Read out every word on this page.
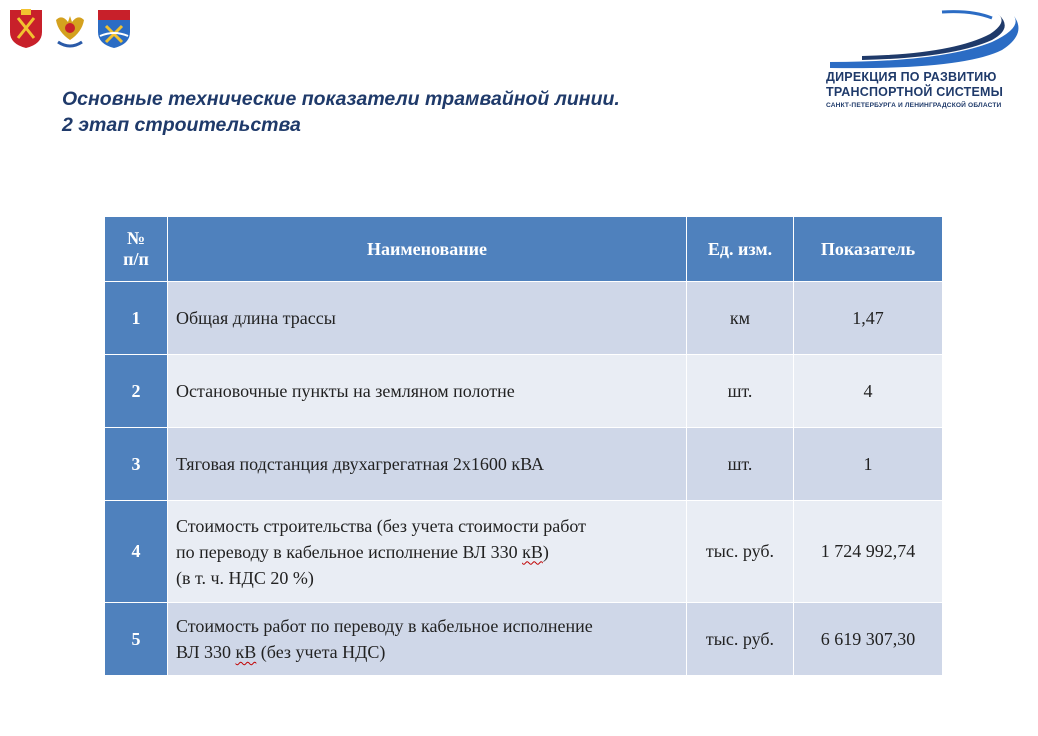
ДИРЕКЦИЯ ПО РАЗВИТИЮ
ТРАНСПОРТНОЙ СИСТЕМЫ
САНКТ-ПЕТЕРБУРГА И ЛЕНИНГРАДСКОЙ ОБЛАСТИ
Основные технические показатели трамвайной линии.
2 этап строительства
№
п/п	Наименование	Ед. изм.	Показатель
1	Общая длина трассы	км	1,47
2	Остановочные пункты на земляном полотне	шт.	4
3	Тяговая подстанция двухагрегатная 2х1600 кВА	шт.	1
4	Стоимость строительства (без учета стоимости работ
по переводу в кабельное исполнение ВЛ 330 кВ)
(в т. ч. НДС 20 %)	тыс. руб.	1 724 992,74
5	Стоимость работ по переводу в кабельное исполнение
ВЛ 330 кВ (без учета НДС)	тыс. руб.	6 619 307,30
